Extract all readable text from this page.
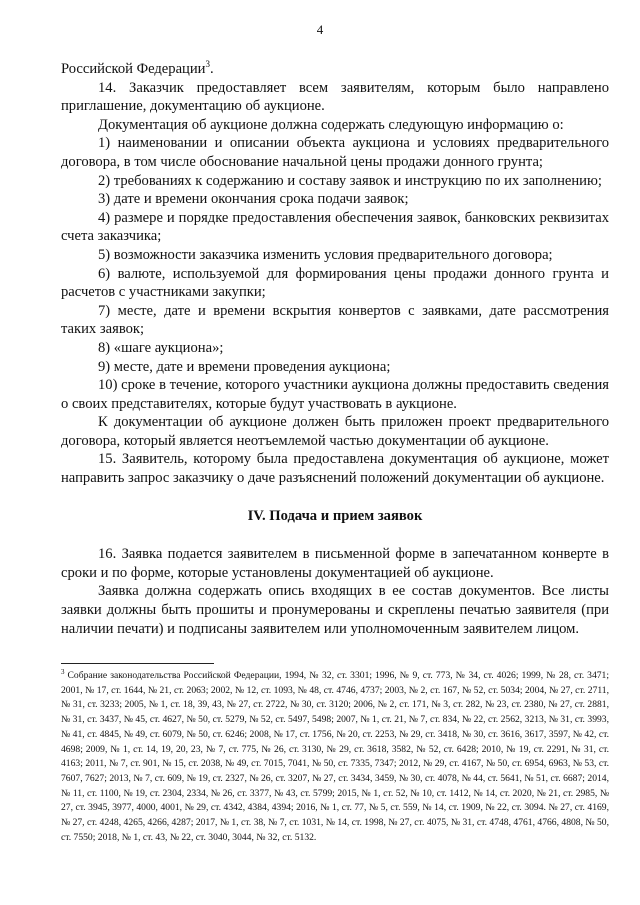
4

Российской Федерации$^3$.

14. Заказчик предоставляет всем заявителям, которым было направлено приглашение, документацию об аукционе.

Документация об аукционе должна содержать следующую информацию о:

1) наименовании и описании объекта аукциона и условиях предварительного договора, в том числе обоснование начальной цены продажи донного грунта;

2) требованиях к содержанию и составу заявок и инструкцию по их заполнению;

3) дате и времени окончания срока подачи заявок;

4) размере и порядке предоставления обеспечения заявок, банковских реквизитах счета заказчика;

5) возможности заказчика изменить условия предварительного договора;

6) валюте, используемой для формирования цены продажи донного грунта и расчетов с участниками закупки;

7) месте, дате и времени вскрытия конвертов с заявками, дате рассмотрения таких заявок;

8) «шаге аукциона»;

9) месте, дате и времени проведения аукциона;

10) сроке в течение, которого участники аукциона должны предоставить сведения о своих представителях, которые будут участвовать в аукционе.

К документации об аукционе должен быть приложен проект предварительного договора, который является неотъемлемой частью документации об аукционе.

15. Заявитель, которому была предоставлена документация об аукционе, может направить запрос заказчику о даче разъяснений положений документации об аукционе.

IV. Подача и прием заявок

16. Заявка подается заявителем в письменной форме в запечатанном конверте в сроки и по форме, которые установлены документацией об аукционе.

Заявка должна содержать опись входящих в ее состав документов. Все листы заявки должны быть прошиты и пронумерованы и скреплены печатью заявителя (при наличии печати) и подписаны заявителем или уполномоченным заявителем лицом.

$^3$ Собрание законодательства Российской Федерации, 1994, № 32, ст. 3301; 1996, № 9, ст. 773, № 34, ст. 4026; 1999, № 28, ст. 3471; 2001, № 17, ст. 1644, № 21, ст. 2063; 2002, № 12, ст. 1093, № 48, ст. 4746, 4737; 2003, № 2, ст. 167, № 52, ст. 5034; 2004, № 27, ст. 2711, № 31, ст. 3233; 2005, № 1, ст. 18, 39, 43, № 27, ст. 2722, № 30, ст. 3120; 2006, № 2, ст. 171, № 3, ст. 282, № 23, ст. 2380, № 27, ст. 2881, № 31, ст. 3437, № 45, ст. 4627, № 50, ст. 5279, № 52, ст. 5497, 5498; 2007, № 1, ст. 21, № 7, ст. 834, № 22, ст. 2562, 3213, № 31, ст. 3993, № 41, ст. 4845, № 49, ст. 6079, № 50, ст. 6246; 2008, № 17, ст. 1756, № 20, ст. 2253, № 29, ст. 3418, № 30, ст. 3616, 3617, 3597, № 42, ст. 4698; 2009, № 1, ст. 14, 19, 20, 23, № 7, ст. 775, № 26, ст. 3130, № 29, ст. 3618, 3582, № 52, ст. 6428; 2010, № 19, ст. 2291, № 31, ст. 4163; 2011, № 7, ст. 901, № 15, ст. 2038, № 49, ст. 7015, 7041, № 50, ст. 7335, 7347; 2012, № 29, ст. 4167, № 50, ст. 6954, 6963, № 53, ст. 7607, 7627; 2013, № 7, ст. 609, № 19, ст. 2327, № 26, ст. 3207, № 27, ст. 3434, 3459, № 30, ст. 4078, № 44, ст. 5641, № 51, ст. 6687; 2014, № 11, ст. 1100, № 19, ст. 2304, 2334, № 26, ст. 3377, № 43, ст. 5799; 2015, № 1, ст. 52, № 10, ст. 1412, № 14, ст. 2020, № 21, ст. 2985, № 27, ст. 3945, 3977, 4000, 4001, № 29, ст. 4342, 4384, 4394; 2016, № 1, ст. 77, № 5, ст. 559, № 14, ст. 1909, № 22, ст. 3094. № 27, ст. 4169, № 27, ст. 4248, 4265, 4266, 4287; 2017, № 1, ст. 38, № 7, ст. 1031, № 14, ст. 1998, № 27, ст. 4075, № 31, ст. 4748, 4761, 4766, 4808, № 50, ст. 7550; 2018, № 1, ст. 43, № 22, ст. 3040, 3044, № 32, ст. 5132.
